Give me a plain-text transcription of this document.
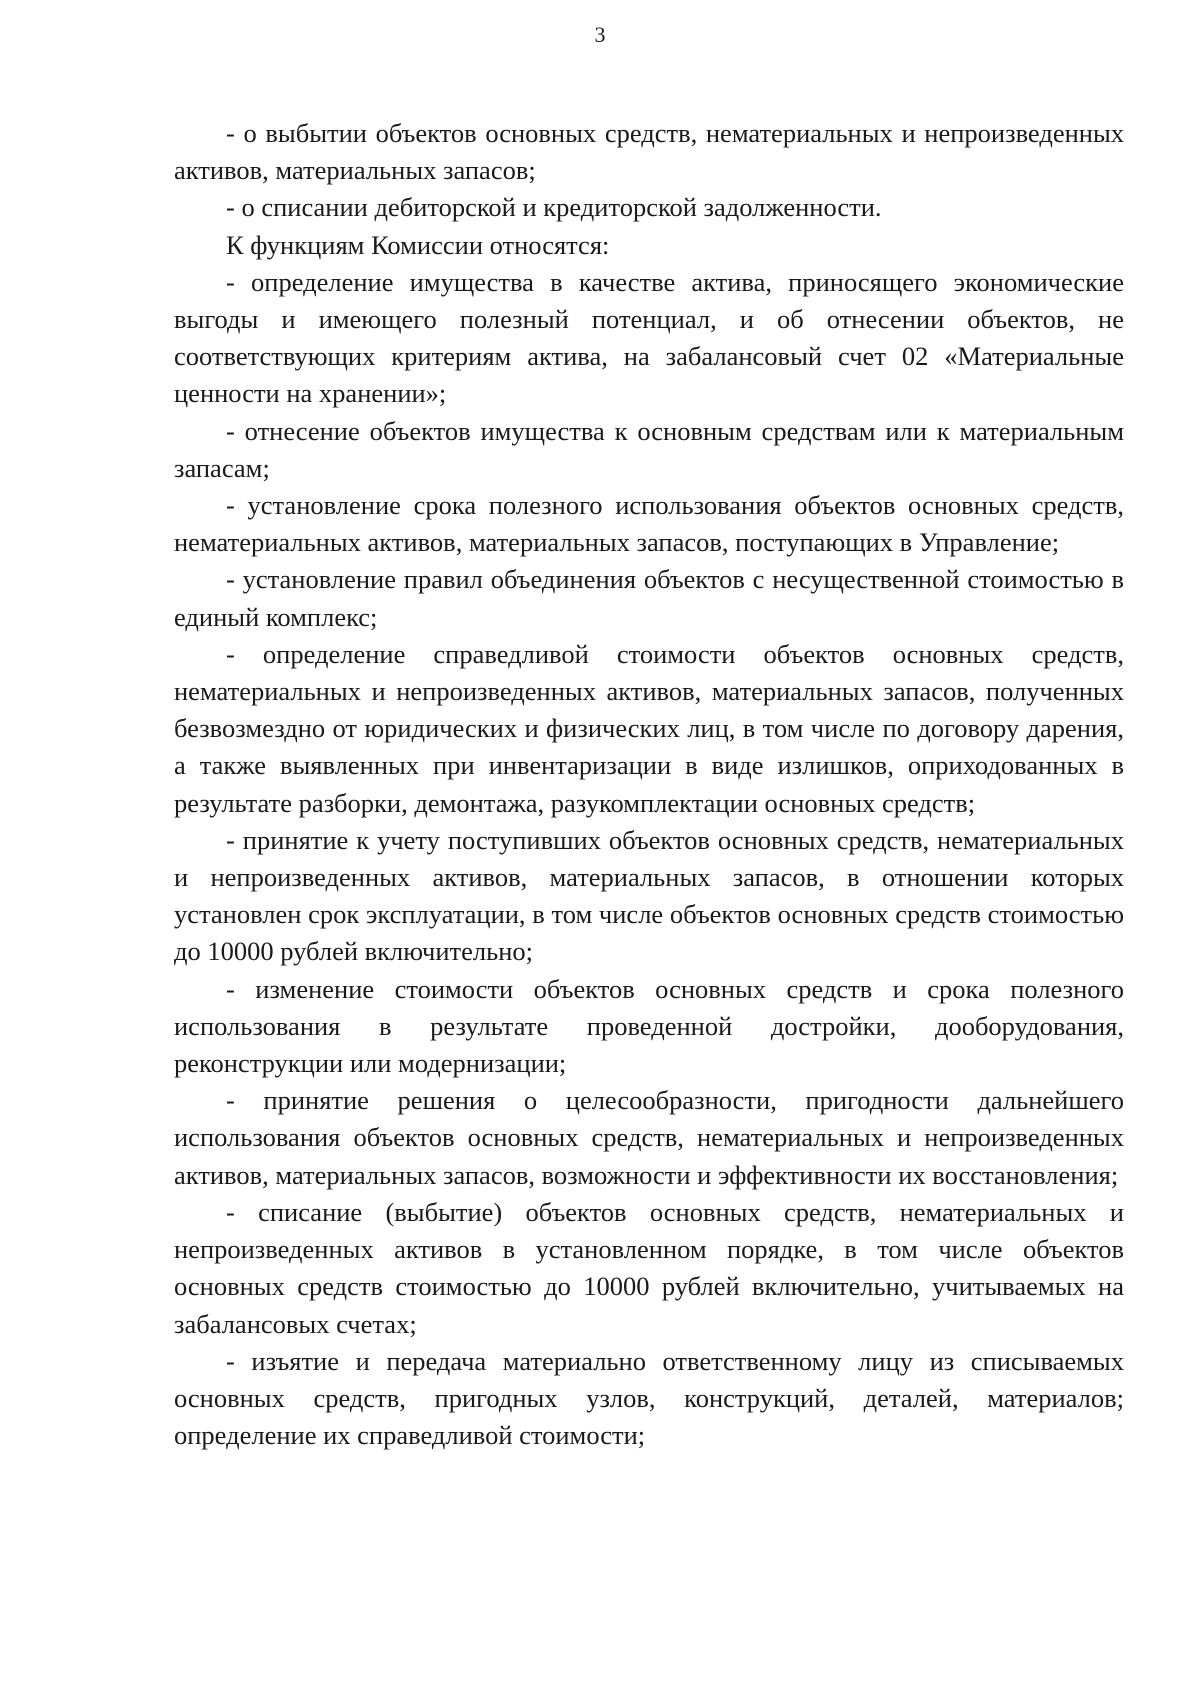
3

- о выбытии объектов основных средств, нематериальных и непроизведенных активов, материальных запасов;

- о списании дебиторской и кредиторской задолженности.

К функциям Комиссии относятся:

- определение имущества в качестве актива, приносящего экономические выгоды и имеющего полезный потенциал, и об отнесении объектов, не соответствующих критериям актива, на забалансовый счет 02 «Материальные ценности на хранении»;

- отнесение объектов имущества к основным средствам или к материальным запасам;

- установление срока полезного использования объектов основных средств, нематериальных активов, материальных запасов, поступающих в Управление;

- установление правил объединения объектов с несущественной стоимостью в единый комплекс;

- определение справедливой стоимости объектов основных средств, нематериальных и непроизведенных активов, материальных запасов, полученных безвозмездно от юридических и физических лиц, в том числе по договору дарения, а также выявленных при инвентаризации в виде излишков, оприходованных в результате разборки, демонтажа, разукомплектации основных средств;

- принятие к учету поступивших объектов основных средств, нематериальных и непроизведенных активов, материальных запасов, в отношении которых установлен срок эксплуатации, в том числе объектов основных средств стоимостью до 10000 рублей включительно;

- изменение стоимости объектов основных средств и срока полезного использования в результате проведенной достройки, дооборудования, реконструкции или модернизации;

- принятие решения о целесообразности, пригодности дальнейшего использования объектов основных средств, нематериальных и непроизведенных активов, материальных запасов, возможности и эффективности их восстановления;

- списание (выбытие) объектов основных средств, нематериальных и непроизведенных активов в установленном порядке, в том числе объектов основных средств стоимостью до 10000 рублей включительно, учитываемых на забалансовых счетах;

- изъятие и передача материально ответственному лицу из списываемых основных средств, пригодных узлов, конструкций, деталей, материалов; определение их справедливой стоимости;
